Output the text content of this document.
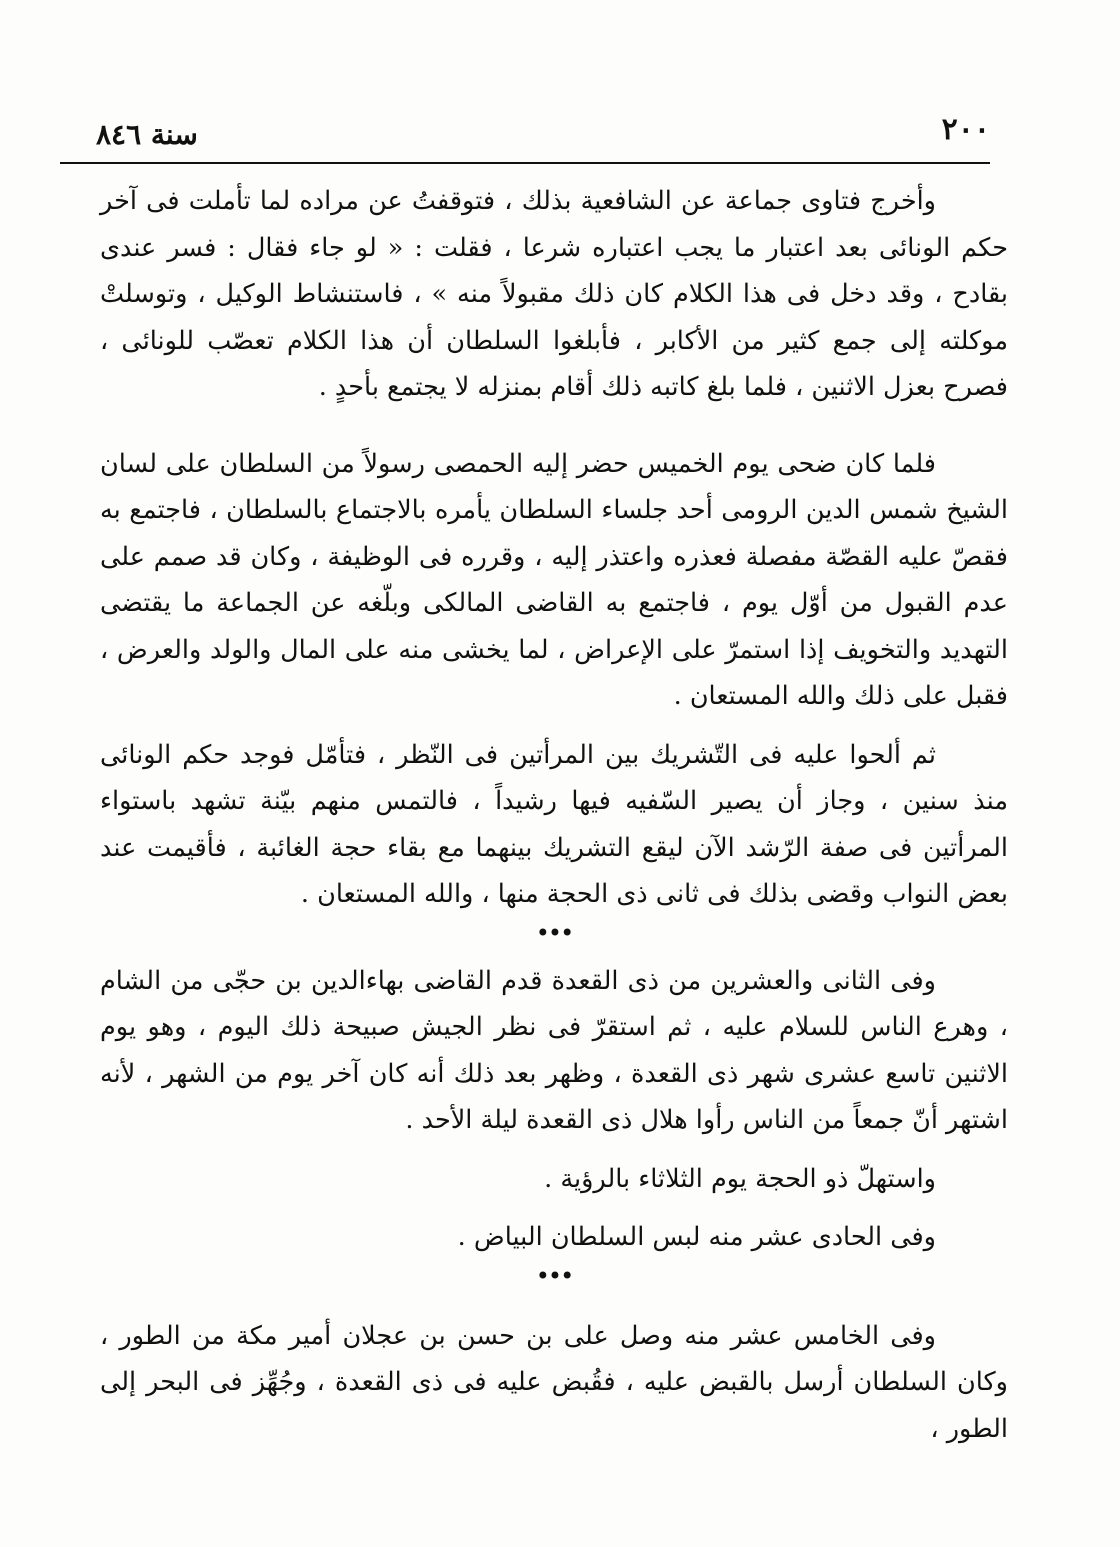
٢٠٠
سنة ٨٤٦

وأخرج فتاوى جماعة عن الشافعية بذلك ، فتوقفتُ عن مراده لما تأملت فى آخر حكم الونائى بعد اعتبار ما يجب اعتباره شرعا ، فقلت : « لو جاء فقال : فسر عندى بقادح ، وقد دخل فى هذا الكلام كان ذلك مقبولاً منه » ، فاستنشاط الوكيل ، وتوسلتْ موكلته إلى جمع كثير من الأكابر ، فأبلغوا السلطان أن هذا الكلام تعصّب للونائى ، فصرح بعزل الاثنين ، فلما بلغ كاتبه ذلك أقام بمنزله لا يجتمع بأحدٍ .

فلما كان ضحى يوم الخميس حضر إليه الحمصى رسولاً من السلطان على لسان الشيخ شمس الدين الرومى أحد جلساء السلطان يأمره بالاجتماع بالسلطان ، فاجتمع به فقصّ عليه القصّة مفصلة فعذره واعتذر إليه ، وقرره فى الوظيفة ، وكان قد صمم على عدم القبول من أوّل يوم ، فاجتمع به القاضى المالكى وبلّغه عن الجماعة ما يقتضى التهديد والتخويف إذا استمرّ على الإعراض ، لما يخشى منه على المال والولد والعرض ، فقبل على ذلك والله المستعان .

ثم ألحوا عليه فى التّشريك بين المرأتين فى النّظر ، فتأمّل فوجد حكم الونائى منذ سنين ، وجاز أن يصير السّفيه فيها رشيداً ، فالتمس منهم بيّنة تشهد باستواء المرأتين فى صفة الرّشد الآن ليقع التشريك بينهما مع بقاء حجة الغائبة ، فأقيمت عند بعض النواب وقضى بذلك فى ثانى ذى الحجة منها ، والله المستعان .

•••

وفى الثانى والعشرين من ذى القعدة قدم القاضى بهاءالدين بن حجّى من الشام ، وهرع الناس للسلام عليه ، ثم استقرّ فى نظر الجيش صبيحة ذلك اليوم ، وهو يوم الاثنين تاسع عشرى شهر ذى القعدة ، وظهر بعد ذلك أنه كان آخر يوم من الشهر ، لأنه اشتهر أنّ جمعاً من الناس رأوا هلال ذى القعدة ليلة الأحد .

واستهلّ ذو الحجة يوم الثلاثاء بالرؤية .

وفى الحادى عشر منه لبس السلطان البياض .

•••

وفى الخامس عشر منه وصل على بن حسن بن عجلان أمير مكة من الطور ، وكان السلطان أرسل بالقبض عليه ، فقُبض عليه فى ذى القعدة ، وجُهِّز فى البحر إلى الطور ،
